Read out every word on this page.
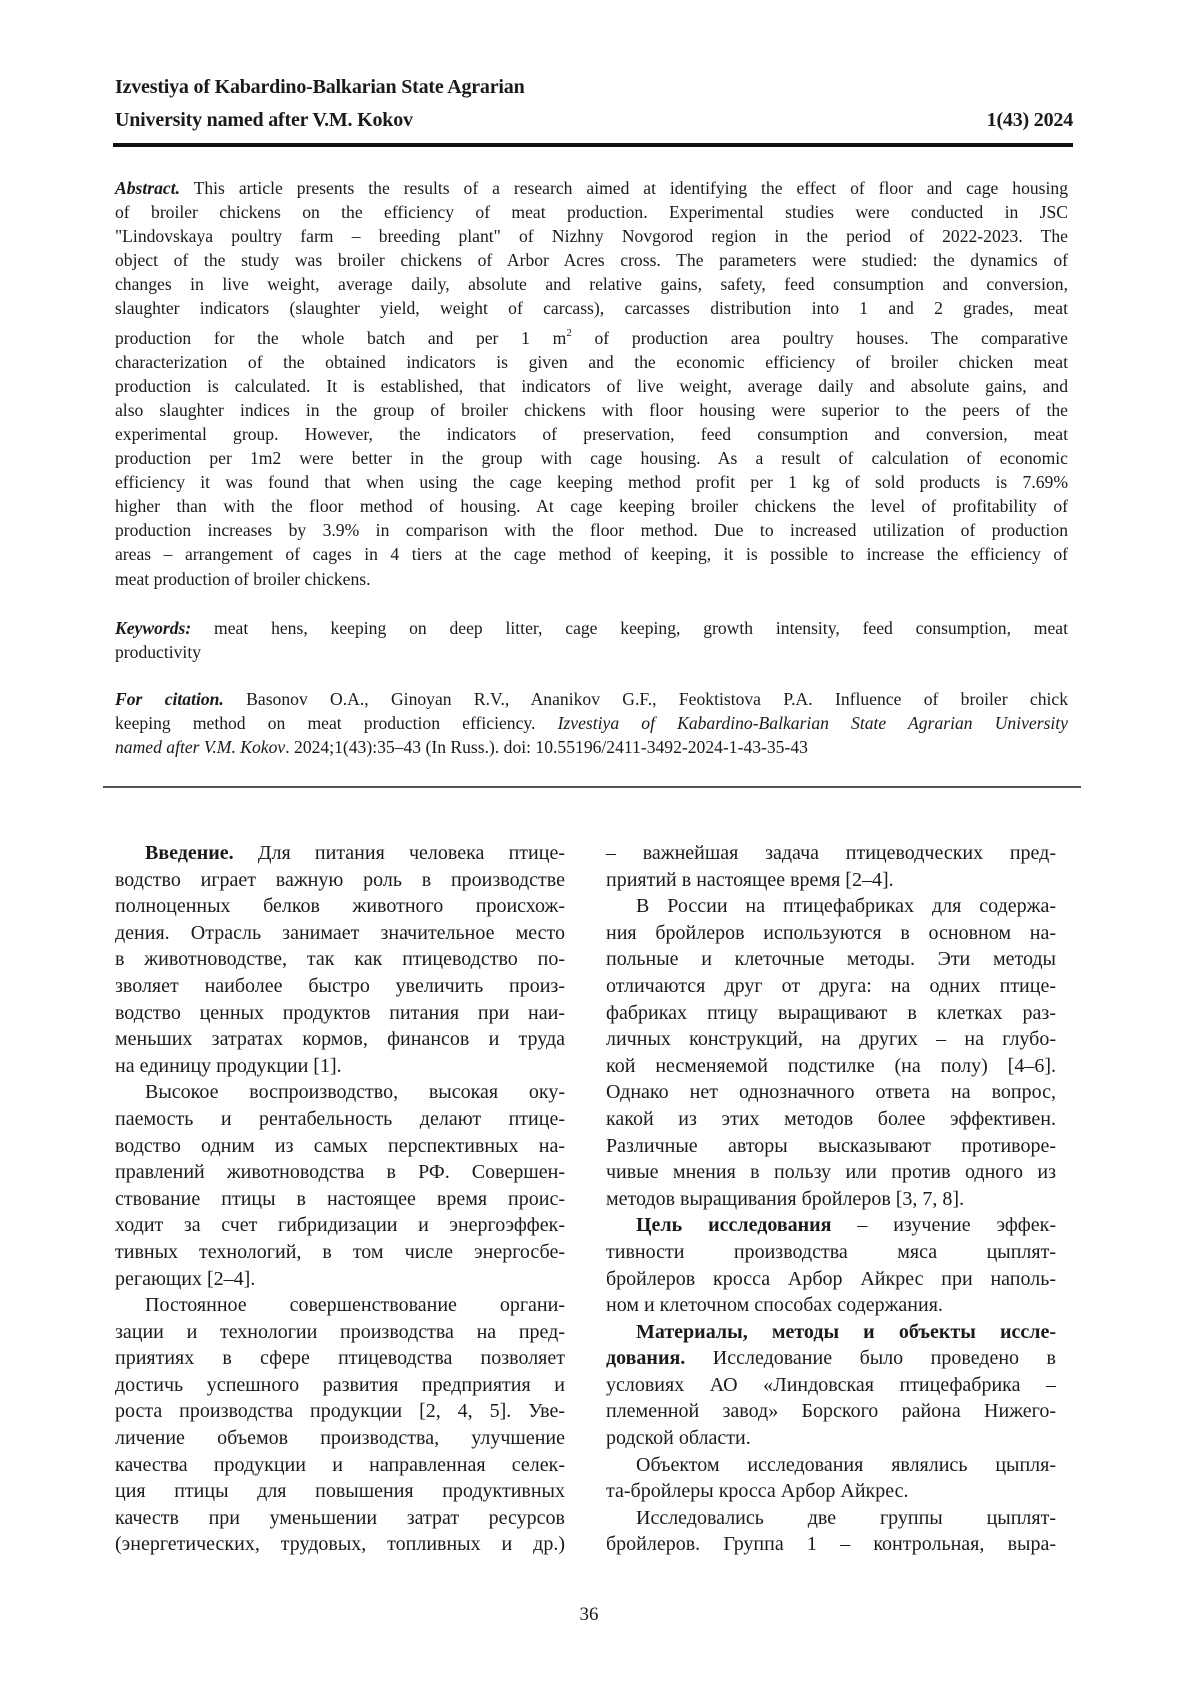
Izvestiya of Kabardino-Balkarian State Agrarian
University named after V.M. Kokov	1(43) 2024
Abstract. This article presents the results of a research aimed at identifying the effect of floor and cage housing
of broiler chickens on the efficiency of meat production. Experimental studies were conducted in JSC
"Lindovskaya poultry farm – breeding plant" of Nizhny Novgorod region in the period of 2022-2023. The
object of the study was broiler chickens of Arbor Acres cross. The parameters were studied: the dynamics of
changes in live weight, average daily, absolute and relative gains, safety, feed consumption and conversion,
slaughter indicators (slaughter yield, weight of carcass), carcasses distribution into 1 and 2 grades, meat
production for the whole batch and per 1 m2 of production area poultry houses. The comparative
characterization of the obtained indicators is given and the economic efficiency of broiler chicken meat
production is calculated. It is established, that indicators of live weight, average daily and absolute gains, and
also slaughter indices in the group of broiler chickens with floor housing were superior to the peers of the
experimental group. However, the indicators of preservation, feed consumption and conversion, meat
production per 1m2 were better in the group with cage housing. As a result of calculation of economic
efficiency it was found that when using the cage keeping method profit per 1 kg of sold products is 7.69%
higher than with the floor method of housing. At cage keeping broiler chickens the level of profitability of
production increases by 3.9% in comparison with the floor method. Due to increased utilization of production
areas – arrangement of cages in 4 tiers at the cage method of keeping, it is possible to increase the efficiency of
meat production of broiler chickens.
Keywords: meat hens, keeping on deep litter, cage keeping, growth intensity, feed consumption, meat
productivity
For citation. Basonov O.A., Ginoyan R.V., Ananikov G.F., Feoktistova P.A. Influence of broiler chick
keeping method on meat production efficiency. Izvestiya of Kabardino-Balkarian State Agrarian University
named after V.M. Kokov. 2024;1(43):35–43 (In Russ.). doi: 10.55196/2411-3492-2024-1-43-35-43
Введение. Для питания человека птице-
водство играет важную роль в производстве
полноценных белков животного происхож-
дения. Отрасль занимает значительное место
в животноводстве, так как птицеводство по-
зволяет наиболее быстро увеличить произ-
водство ценных продуктов питания при наи-
меньших затратах кормов, финансов и труда
на единицу продукции [1].
Высокое воспроизводство, высокая оку-
паемость и рентабельность делают птице-
водство одним из самых перспективных на-
правлений животноводства в РФ. Совершен-
ствование птицы в настоящее время проис-
ходит за счет гибридизации и энергоэффек-
тивных технологий, в том числе энергосбе-
регающих [2–4].
Постоянное совершенствование органи-
зации и технологии производства на пред-
приятиях в сфере птицеводства позволяет
достичь успешного развития предприятия и
роста производства продукции [2, 4, 5]. Уве-
личение объемов производства, улучшение
качества продукции и направленная селек-
ция птицы для повышения продуктивных
качеств при уменьшении затрат ресурсов
(энергетических, трудовых, топливных и др.)
– важнейшая задача птицеводческих пред-
приятий в настоящее время [2–4].
В России на птицефабриках для содержа-
ния бройлеров используются в основном на-
польные и клеточные методы. Эти методы
отличаются друг от друга: на одних птице-
фабриках птицу выращивают в клетках раз-
личных конструкций, на других – на глубо-
кой несменяемой подстилке (на полу) [4–6].
Однако нет однозначного ответа на вопрос,
какой из этих методов более эффективен.
Различные авторы высказывают противоре-
чивые мнения в пользу или против одного из
методов выращивания бройлеров [3, 7, 8].
Цель исследования – изучение эффек-
тивности производства мяса цыплят-
бройлеров кросса Арбор Айкрес при наполь-
ном и клеточном способах содержания.
Материалы, методы и объекты иссле-
дования. Исследование было проведено в
условиях АО «Линдовская птицефабрика –
племенной завод» Борского района Нижего-
родской области.
Объектом исследования являлись цыпля-
та-бройлеры кросса Арбор Айкрес.
Исследовались две группы цыплят-
бройлеров. Группа 1 – контрольная, выра-
36
